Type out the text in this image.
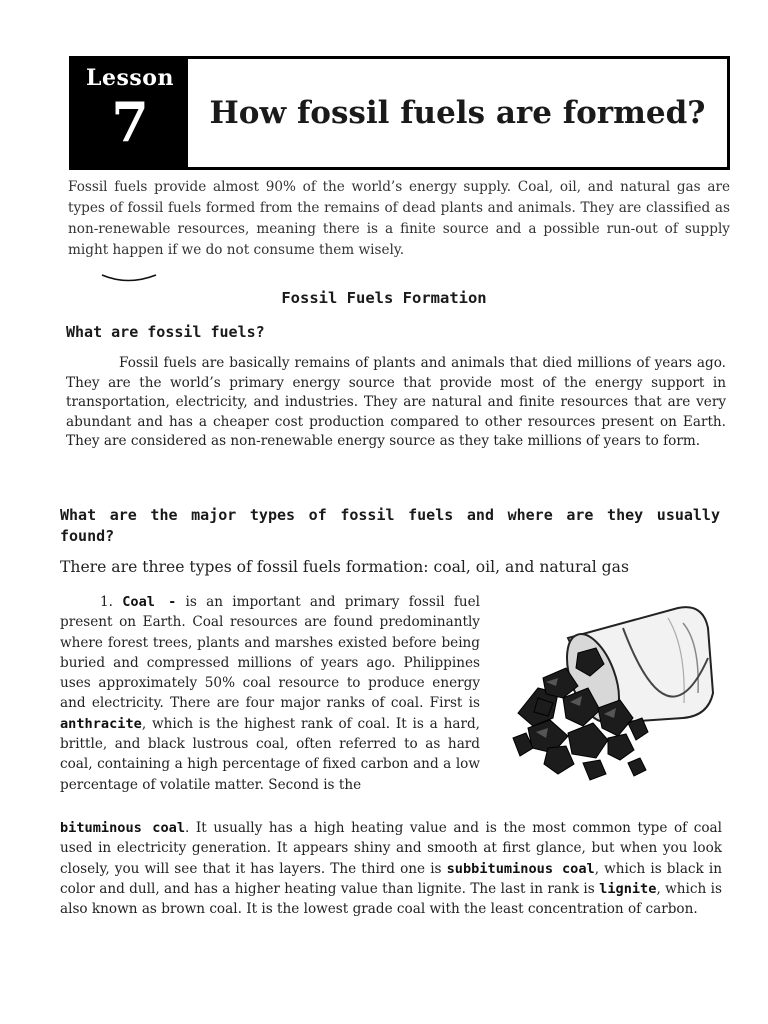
Lesson
7 How fossil fuels are formed?

Fossil fuels provide almost 90% of the world’s energy supply. Coal, oil, and natural gas are types of fossil fuels formed from the remains of dead plants and animals. They are classified as non-renewable resources, meaning there is a finite source and a possible run-out of supply might happen if we do not consume them wisely.

Fossil Fuels Formation
What are fossil fuels?

Fossil fuels are basically remains of plants and animals that died millions of years ago. They are the world’s primary energy source that provide most of the energy support in transportation, electricity, and industries. They are natural and finite resources that are very abundant and has a cheaper cost production compared to other resources present on Earth. They are considered as non-renewable energy source as they take millions of years to form.

What are the major types of fossil fuels and where are they usually found?

There are three types of fossil fuels formation: coal, oil, and natural gas

1. Coal - is an important and primary fossil fuel present on Earth. Coal resources are found predominantly where forest trees, plants and marshes existed before being buried and compressed millions of years ago. Philippines uses approximately 50% coal resource to produce energy and electricity. There are four major ranks of coal. First is anthracite, which is the highest rank of coal. It is a hard, brittle, and black lustrous coal, often referred to as hard coal, containing a high percentage of fixed carbon and a low percentage of volatile matter. Second is the

bituminous coal. It usually has a high heating value and is the most common type of coal used in electricity generation. It appears shiny and smooth at first glance, but when you look closely, you will see that it has layers. The third one is subbituminous coal, which is black in color and dull, and has a higher heating value than lignite. The last in rank is lignite, which is also known as brown coal. It is the lowest grade coal with the least concentration of carbon.
